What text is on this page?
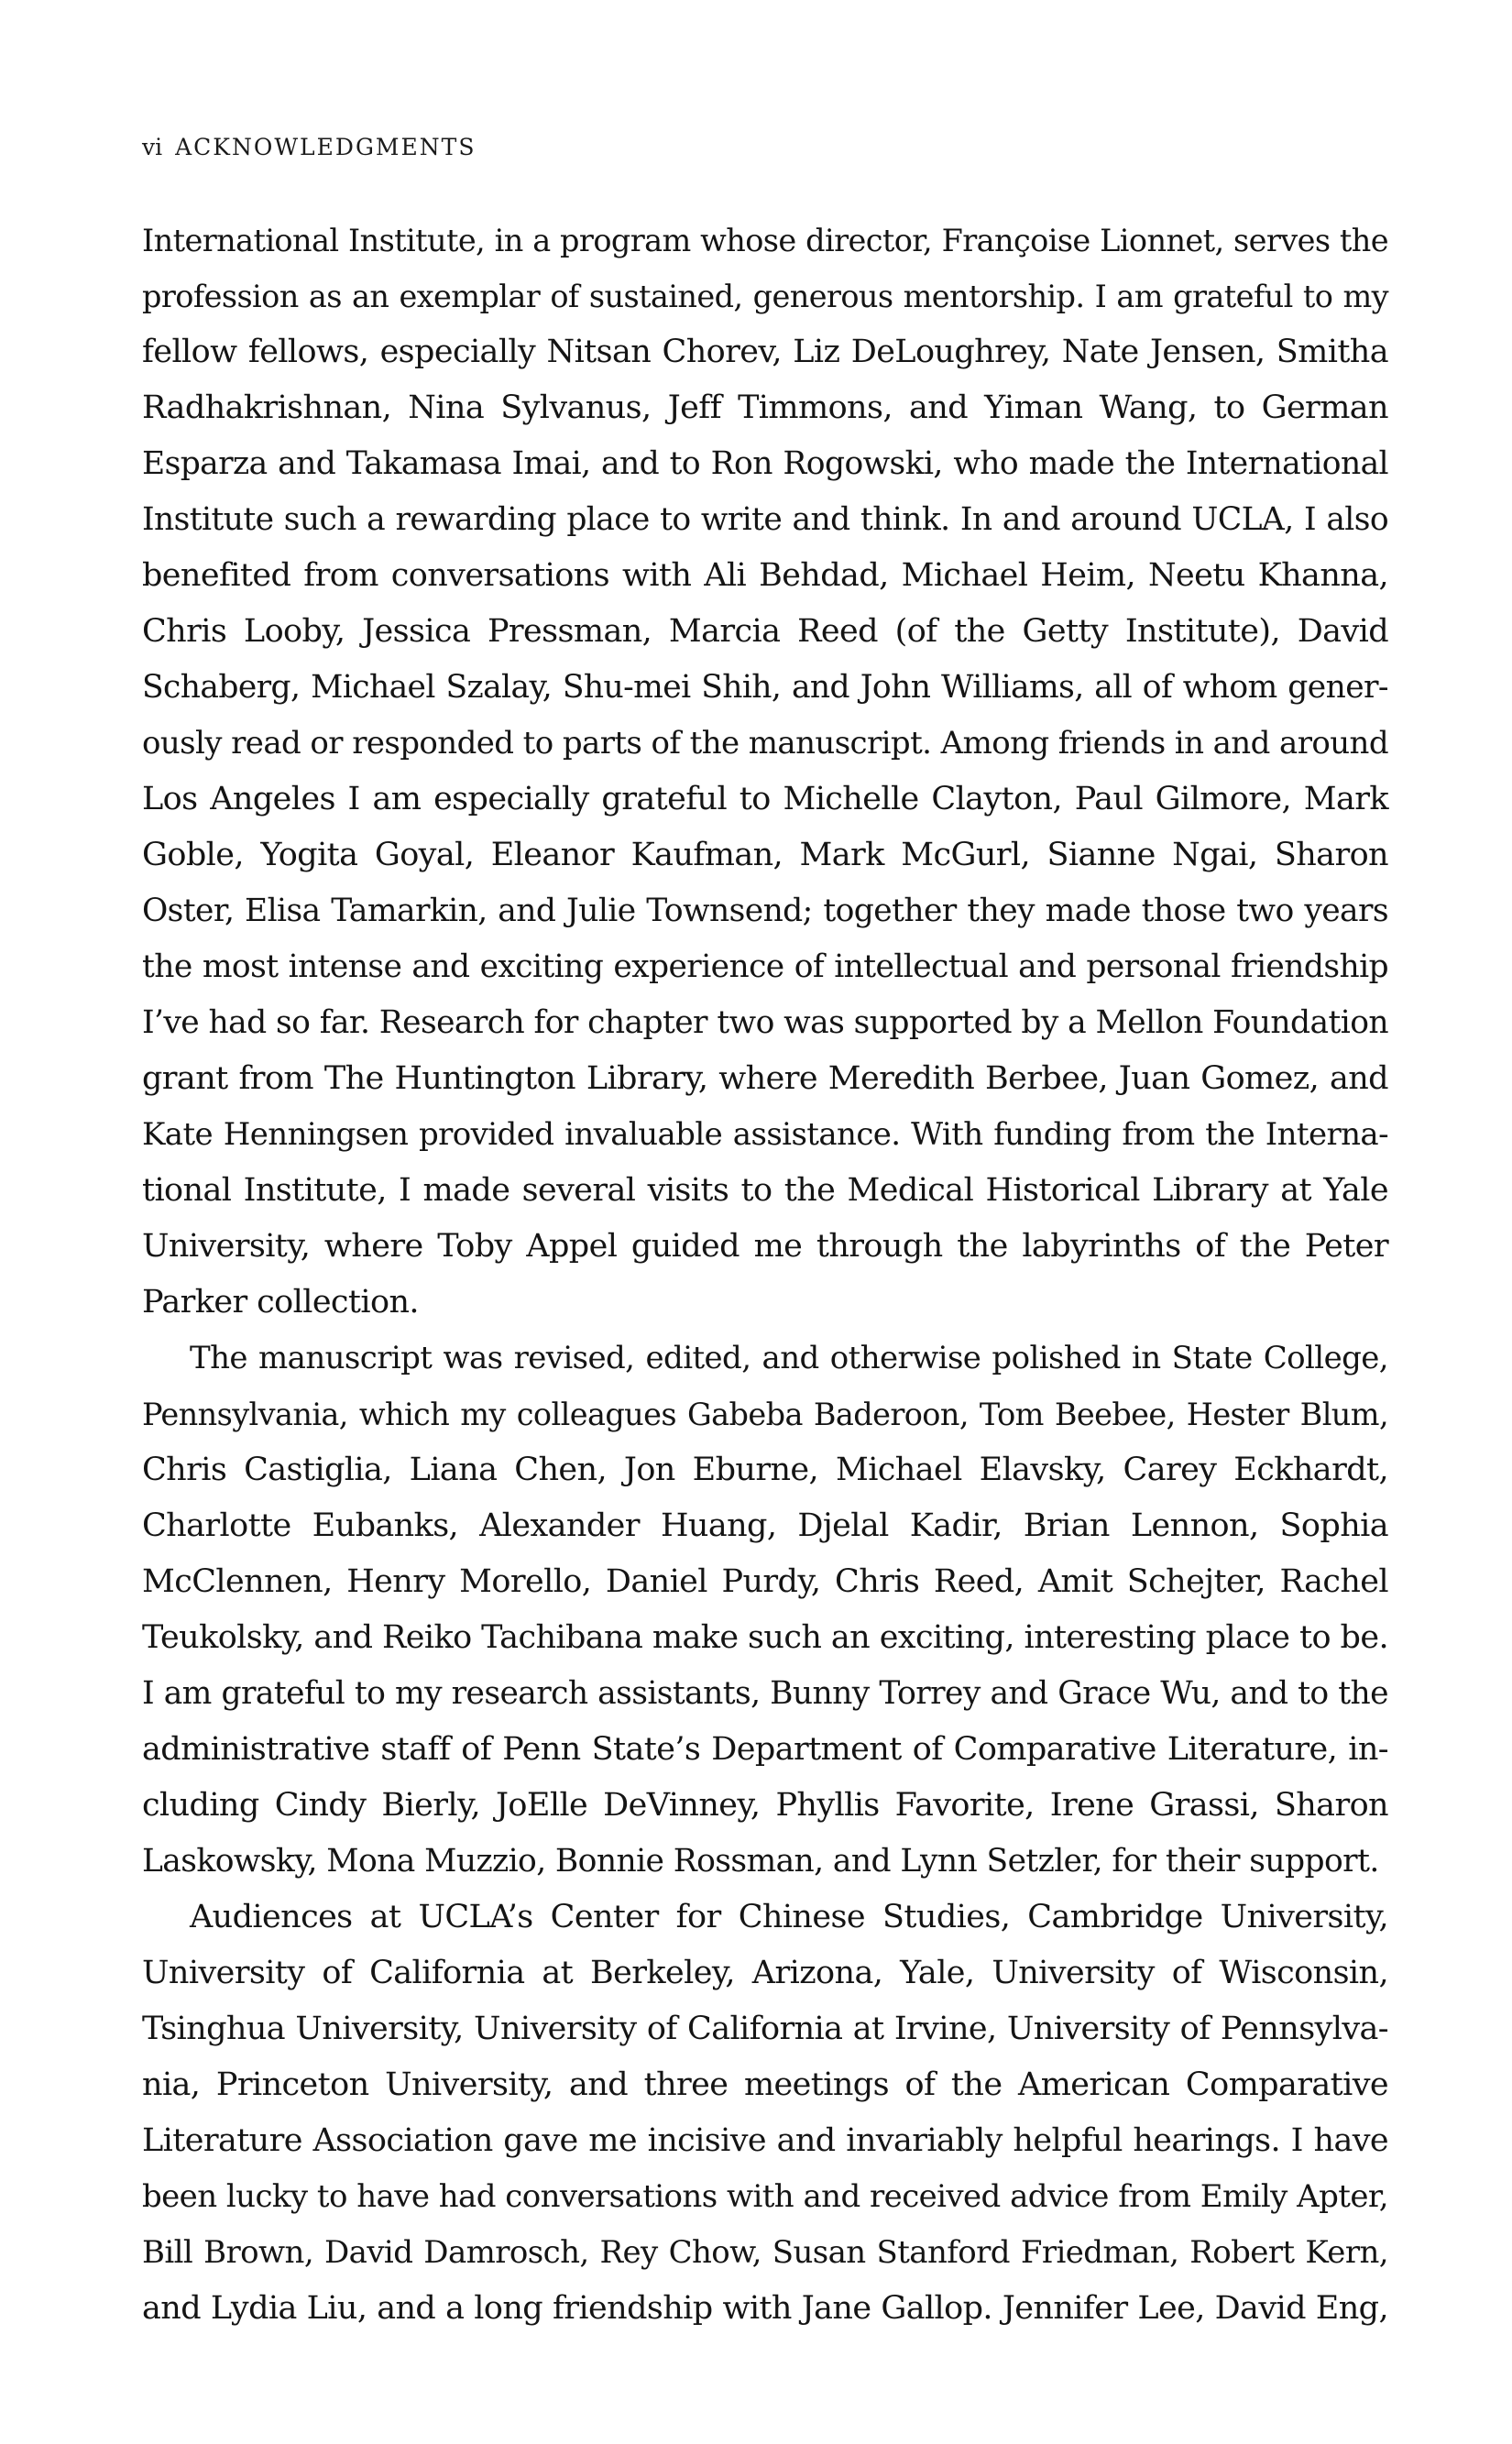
vi ACKNOWLEDGMENTS
International Institute, in a program whose director, Françoise Lionnet, serves the
profession as an exemplar of sustained, generous mentorship. I am grateful to my
fellow fellows, especially Nitsan Chorev, Liz DeLoughrey, Nate Jensen, Smitha
Radhakrishnan, Nina Sylvanus, Jeff Timmons, and Yiman Wang, to German
Esparza and Takamasa Imai, and to Ron Rogowski, who made the International
Institute such a rewarding place to write and think. In and around UCLA, I also
benefited from conversations with Ali Behdad, Michael Heim, Neetu Khanna,
Chris Looby, Jessica Pressman, Marcia Reed (of the Getty Institute), David
Schaberg, Michael Szalay, Shu-mei Shih, and John Williams, all of whom gener-
ously read or responded to parts of the manuscript. Among friends in and around
Los Angeles I am especially grateful to Michelle Clayton, Paul Gilmore, Mark
Goble, Yogita Goyal, Eleanor Kaufman, Mark McGurl, Sianne Ngai, Sharon
Oster, Elisa Tamarkin, and Julie Townsend; together they made those two years
the most intense and exciting experience of intellectual and personal friendship
I’ve had so far. Research for chapter two was supported by a Mellon Foundation
grant from The Huntington Library, where Meredith Berbee, Juan Gomez, and
Kate Henningsen provided invaluable assistance. With funding from the Interna-
tional Institute, I made several visits to the Medical Historical Library at Yale
University, where Toby Appel guided me through the labyrinths of the Peter
Parker collection.
The manuscript was revised, edited, and otherwise polished in State College,
Pennsylvania, which my colleagues Gabeba Baderoon, Tom Beebee, Hester Blum,
Chris Castiglia, Liana Chen, Jon Eburne, Michael Elavsky, Carey Eckhardt,
Charlotte Eubanks, Alexander Huang, Djelal Kadir, Brian Lennon, Sophia
McClennen, Henry Morello, Daniel Purdy, Chris Reed, Amit Schejter, Rachel
Teukolsky, and Reiko Tachibana make such an exciting, interesting place to be.
I am grateful to my research assistants, Bunny Torrey and Grace Wu, and to the
administrative staff of Penn State’s Department of Comparative Literature, in-
cluding Cindy Bierly, JoElle DeVinney, Phyllis Favorite, Irene Grassi, Sharon
Laskowsky, Mona Muzzio, Bonnie Rossman, and Lynn Setzler, for their support.
Audiences at UCLA’s Center for Chinese Studies, Cambridge University,
University of California at Berkeley, Arizona, Yale, University of Wisconsin,
Tsinghua University, University of California at Irvine, University of Pennsylva-
nia, Princeton University, and three meetings of the American Comparative
Literature Association gave me incisive and invariably helpful hearings. I have
been lucky to have had conversations with and received advice from Emily Apter,
Bill Brown, David Damrosch, Rey Chow, Susan Stanford Friedman, Robert Kern,
and Lydia Liu, and a long friendship with Jane Gallop. Jennifer Lee, David Eng,
